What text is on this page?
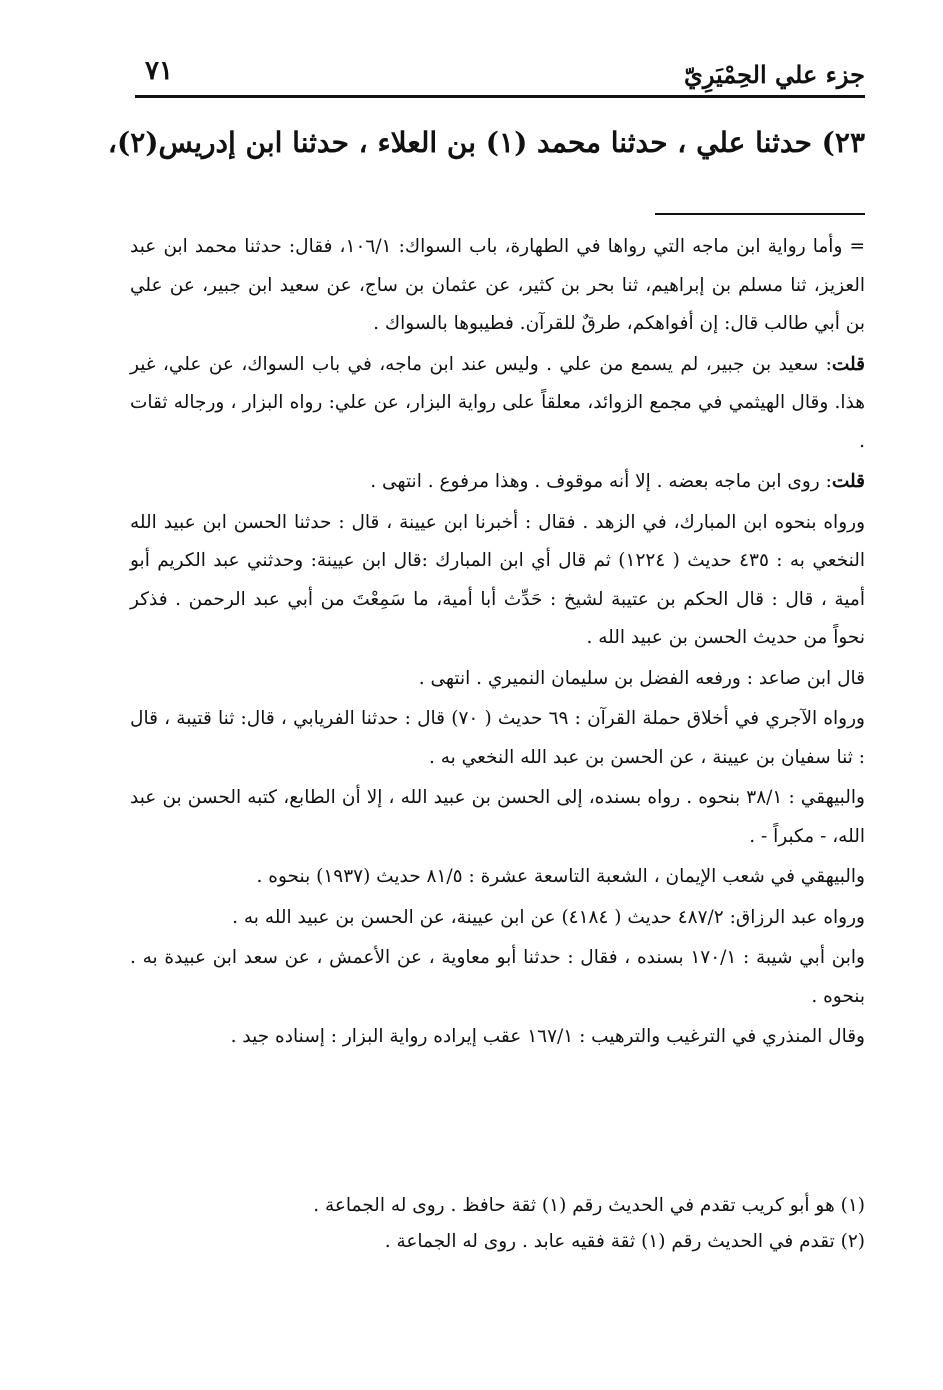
جزء علي الحِمْيَرِيّ
٧١
٢٣) حدثنا علي ، حدثنا محمد (١) بن العلاء ، حدثنا ابن إدريس(٢)،

= وأما رواية ابن ماجه التي رواها في الطهارة، باب السواك: ١٠٦/١، فقال: حدثنا محمد ابن عبد العزيز، ثنا مسلم بن إبراهيم، ثنا بحر بن كثير، عن عثمان بن ساج، عن سعيد ابن جبير، عن علي بن أبي طالب قال: إن أفواهكم، طرقٌ للقرآن. فطيبوها بالسواك .

قلت: سعيد بن جبير، لم يسمع من علي . وليس عند ابن ماجه، في باب السواك، عن علي، غير هذا. وقال الهيثمي في مجمع الزوائد، معلقاً على رواية البزار، عن علي: رواه البزار ، ورجاله ثقات .

قلت: روى ابن ماجه بعضه . إلا أنه موقوف . وهذا مرفوع . انتهى .

ورواه بنحوه ابن المبارك، في الزهد . فقال : أخبرنا ابن عيينة ، قال : حدثنا الحسن ابن عبيد الله النخعي به : ٤٣٥ حديث ( ١٢٢٤) ثم قال أي ابن المبارك :قال ابن عيينة: وحدثني عبد الكريم أبو أمية ، قال : قال الحكم بن عتيبة لشيخ : حَدِّث أبا أمية، ما سَمِعْتَ من أبي عبد الرحمن . فذكر نحواً من حديث الحسن بن عبيد الله .

قال ابن صاعد : ورفعه الفضل بن سليمان النميري . انتهى .

ورواه الآجري في أخلاق حملة القرآن : ٦٩ حديث ( ٧٠) قال : حدثنا الفريابي ، قال: ثنا قتيبة ، قال : ثنا سفيان بن عيينة ، عن الحسن بن عبد الله النخعي به .

والبيهقي : ٣٨/١ بنحوه . رواه بسنده، إلى الحسن بن عبيد الله ، إلا أن الطابع، كتبه الحسن بن عبد الله، - مكبراً - .

والبيهقي في شعب الإيمان ، الشعبة التاسعة عشرة : ٨١/٥ حديث (١٩٣٧) بنحوه .

ورواه عبد الرزاق: ٤٨٧/٢ حديث ( ٤١٨٤) عن ابن عيينة، عن الحسن بن عبيد الله به .

وابن أبي شيبة : ١٧٠/١ بسنده ، فقال : حدثنا أبو معاوية ، عن الأعمش ، عن سعد ابن عبيدة به . بنحوه .

وقال المنذري في الترغيب والترهيب : ١٦٧/١ عقب إيراده رواية البزار : إسناده جيد .

(١) هو أبو كريب تقدم في الحديث رقم (١) ثقة حافظ . روى له الجماعة .

(٢) تقدم في الحديث رقم (١) ثقة فقيه عابد . روى له الجماعة .
